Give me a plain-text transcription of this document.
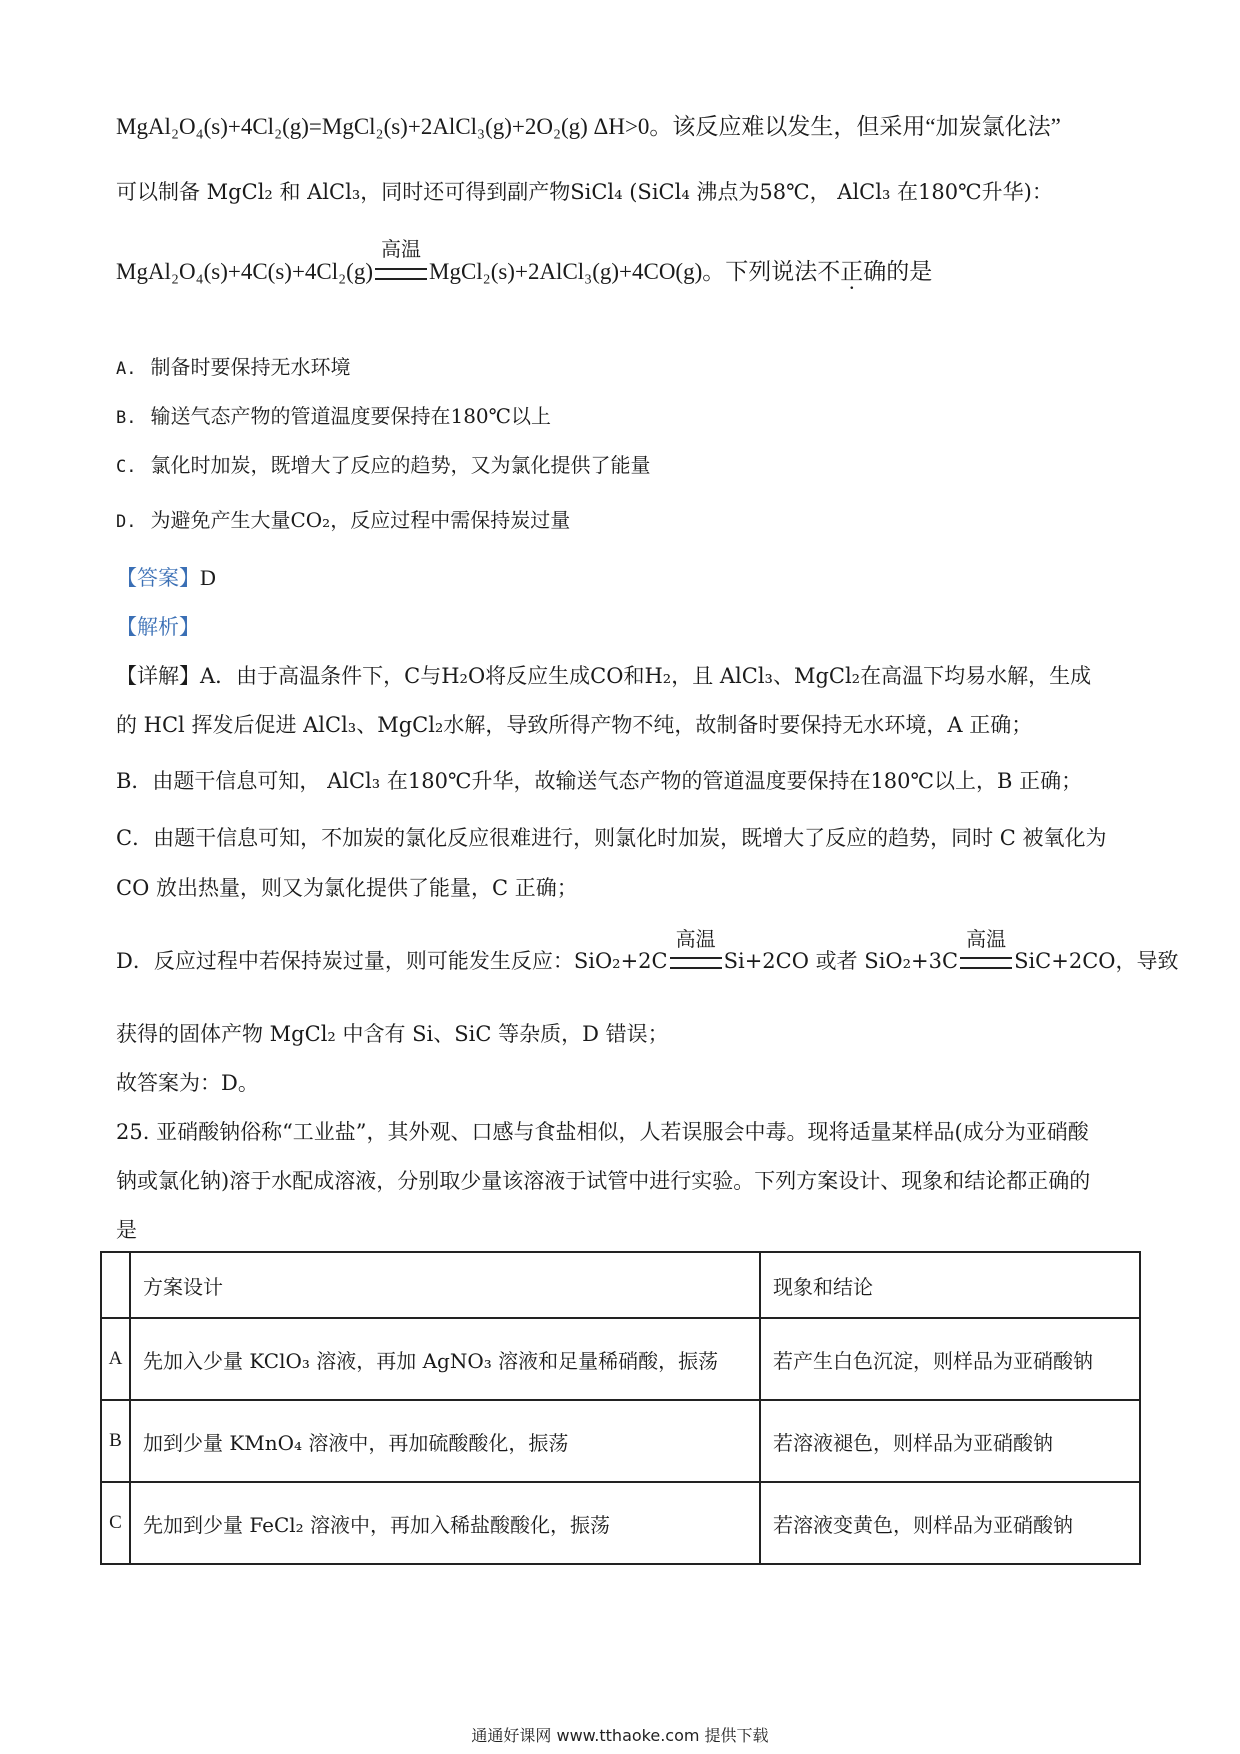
MgAl₂O₄(s)+4Cl₂(g)=MgCl₂(s)+2AlCl₃(g)+2O₂(g) ΔH>0。该反应难以发生，但采用“加炭氯化法”
可以制备 MgCl₂ 和 AlCl₃，同时还可得到副产物SiCl₄ (SiCl₄ 沸点为58℃， AlCl₃ 在180℃升华)：
MgAl₂O₄(s)+4C(s)+4Cl₂(g)
高温
MgCl₂(s)+2AlCl₃(g)+4CO(g)。下列说法不正确的是
A. 制备时要保持无水环境
B. 输送气态产物的管道温度要保持在180℃以上
C. 氯化时加炭，既增大了反应的趋势，又为氯化提供了能量
D. 为避免产生大量CO₂，反应过程中需保持炭过量
【答案】D
【解析】
【详解】A．由于高温条件下，C与H₂O将反应生成CO和H₂，且 AlCl₃、MgCl₂在高温下均易水解，生成
的 HCl 挥发后促进 AlCl₃、MgCl₂水解，导致所得产物不纯，故制备时要保持无水环境，A 正确；
B．由题干信息可知， AlCl₃ 在180℃升华，故输送气态产物的管道温度要保持在180℃以上，B 正确；
C．由题干信息可知，不加炭的氯化反应很难进行，则氯化时加炭，既增大了反应的趋势，同时 C 被氧化为
CO 放出热量，则又为氯化提供了能量，C 正确；
D．反应过程中若保持炭过量，则可能发生反应：SiO₂+2C
高温
Si+2CO 或者 SiO₂+3C
高温
SiC+2CO，导致
获得的固体产物 MgCl₂ 中含有 Si、SiC 等杂质，D 错误；
故答案为：D。
25. 亚硝酸钠俗称“工业盐”，其外观、口感与食盐相似，人若误服会中毒。现将适量某样品(成分为亚硝酸
钠或氯化钠)溶于水配成溶液，分别取少量该溶液于试管中进行实验。下列方案设计、现象和结论都正确的
是
	方案设计	现象和结论
A	先加入少量 KClO₃ 溶液，再加 AgNO₃ 溶液和足量稀硝酸，振荡	若产生白色沉淀，则样品为亚硝酸钠
B	加到少量 KMnO₄ 溶液中，再加硫酸酸化，振荡	若溶液褪色，则样品为亚硝酸钠
C	先加到少量 FeCl₂ 溶液中，再加入稀盐酸酸化，振荡	若溶液变黄色，则样品为亚硝酸钠
通通好课网 www.tthaoke.com 提供下载
